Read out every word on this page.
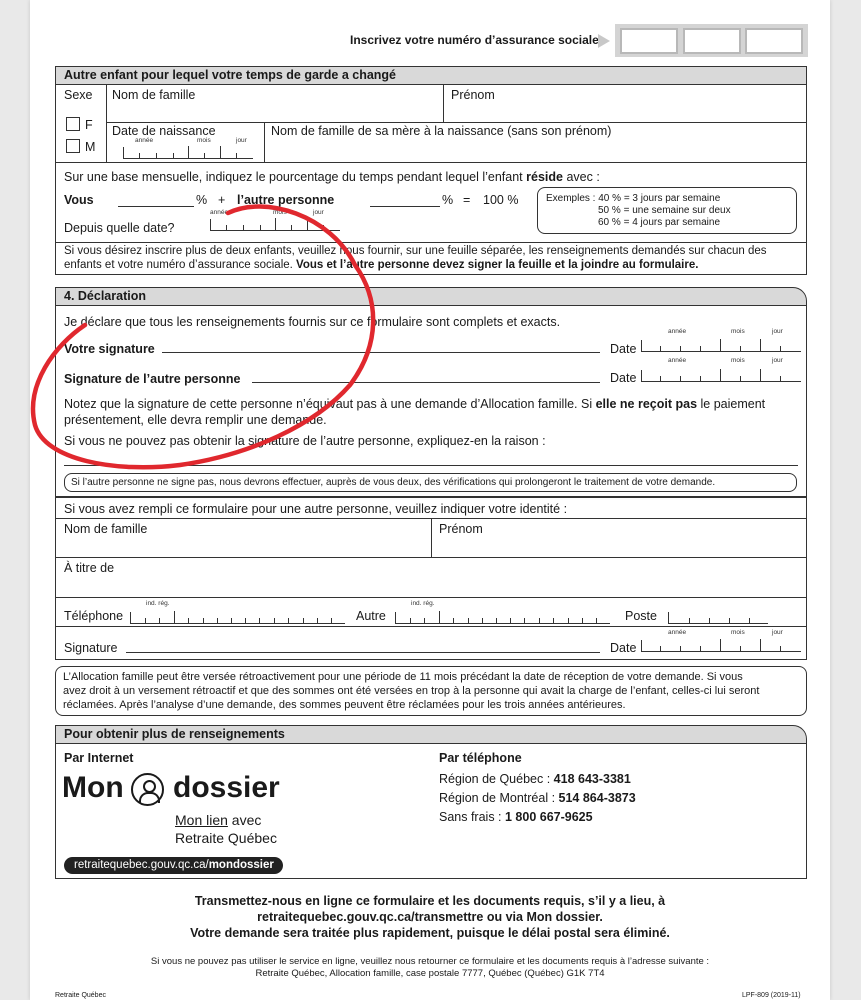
Inscrivez votre numéro d’assurance sociale
Autre enfant pour lequel votre temps de garde a changé
Sexe Nom de famille	Prénom
F
M
Date de naissance
année	mois	jour
Nom de famille de sa mère à la naissance (sans son prénom)
Sur une base mensuelle, indiquez le pourcentage du temps pendant lequel l’enfant réside avec :
Vous	% + l’autre personne	% = 100 %	Exemples : 40 % = 3 jours par semaine
50 % = une semaine sur deux
60 % = 4 jours par semaine
année	mois	jour
Depuis quelle date?
Si vous désirez inscrire plus de deux enfants, veuillez nous fournir, sur une feuille séparée, les renseignements demandés sur chacun des
enfants et votre numéro d’assurance sociale. Vous et l’autre personne devez signer la feuille et la joindre au formulaire.
4. Déclaration
Je déclare que tous les renseignements fournis sur ce formulaire sont complets et exacts.
Votre signature	Date
année	mois	jour
Signature de l’autre personne	Date
année	mois	jour
Notez que la signature de cette personne n’équivaut pas à une demande d’Allocation famille. Si elle ne reçoit pas le paiement
présentement, elle devra remplir une demande.
Si vous ne pouvez pas obtenir la signature de l’autre personne, expliquez-en la raison :
Si l’autre personne ne signe pas, nous devrons effectuer, auprès de vous deux, des vérifications qui prolongeront le traitement de votre demande.
Si vous avez rempli ce formulaire pour une autre personne, veuillez indiquer votre identité :
Nom de famille	Prénom
À titre de
Téléphone
ind. rég.
Autre
ind. rég.
Poste
Signature	Date
année	mois	jour
L’Allocation famille peut être versée rétroactivement pour une période de 11 mois précédant la date de réception de votre demande. Si vous
avez droit à un versement rétroactif et que des sommes ont été versées en trop à la personne qui avait la charge de l’enfant, celles-ci lui seront
réclamées. Après l’analyse d’une demande, des sommes peuvent être réclamées pour les trois années antérieures.
Pour obtenir plus de renseignements
Par Internet
Mon dossier
Mon lien avec
Retraite Québec
retraitequebec.gouv.qc.ca/mondossier
Par téléphone
Région de Québec : 418 643-3381
Région de Montréal : 514 864-3873
Sans frais : 1 800 667-9625
Transmettez-nous en ligne ce formulaire et les documents requis, s’il y a lieu, à
retraitequebec.gouv.qc.ca/transmettre ou via Mon dossier.
Votre demande sera traitée plus rapidement, puisque le délai postal sera éliminé.
Si vous ne pouvez pas utiliser le service en ligne, veuillez nous retourner ce formulaire et les documents requis à l’adresse suivante :
Retraite Québec, Allocation famille, case postale 7777, Québec (Québec) G1K 7T4
Retraite Québec	LPF-809 (2019-11)
